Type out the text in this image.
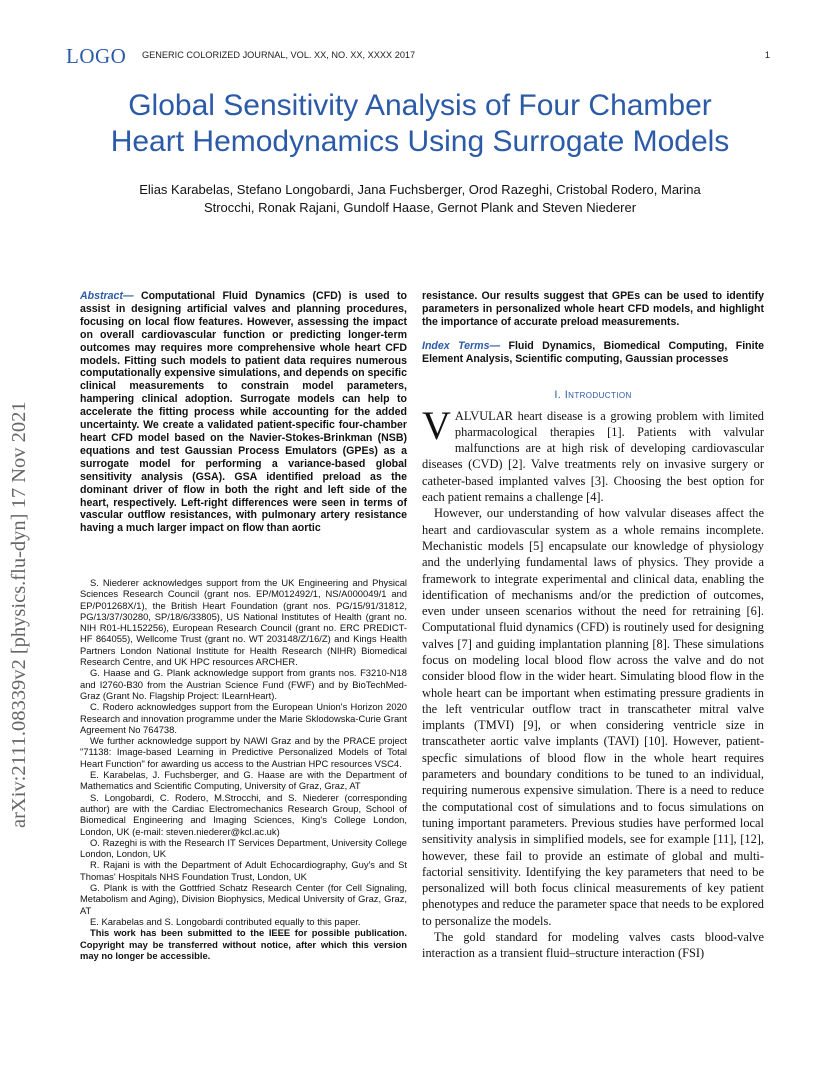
LOGO GENERIC COLORIZED JOURNAL, VOL. XX, NO. XX, XXXX 2017	1
Global Sensitivity Analysis of Four Chamber
Heart Hemodynamics Using Surrogate Models
Elias Karabelas, Stefano Longobardi, Jana Fuchsberger, Orod Razeghi, Cristobal Rodero, Marina
Strocchi, Ronak Rajani, Gundolf Haase, Gernot Plank and Steven Niederer
arXiv:2111.08339v2 [physics.flu-dyn] 17 Nov 2021

Abstract— Computational Fluid Dynamics (CFD) is used to assist in designing artificial valves and planning procedures, focusing on local flow features. However, assessing the impact on overall cardiovascular function or predicting longer-term outcomes may requires more comprehensive whole heart CFD models. Fitting such models to patient data requires numerous computationally expensive simulations, and depends on specific clinical measurements to constrain model parameters, hampering clinical adoption. Surrogate models can help to accelerate the fitting process while accounting for the added uncertainty. We create a validated patient-specific four-chamber heart CFD model based on the Navier-Stokes-Brinkman (NSB) equations and test Gaussian Process Emulators (GPEs) as a surrogate model for performing a variance-based global sensitivity analysis (GSA). GSA identified preload as the dominant driver of flow in both the right and left side of the heart, respectively. Left-right differences were seen in terms of vascular outflow resistances, with pulmonary artery resistance having a much larger impact on flow than aortic

S. Niederer acknowledges support from the UK Engineering and Physical Sciences Research Council (grant nos. EP/M012492/1, NS/A000049/1 and EP/P01268X/1), the British Heart Foundation (grant nos. PG/15/91/31812, PG/13/37/30280, SP/18/6/33805), US National Institutes of Health (grant no. NIH R01-HL152256), European Research Council (grant no. ERC PREDICT-HF 864055), Wellcome Trust (grant no. WT 203148/Z/16/Z) and Kings Health Partners London National Institute for Health Research (NIHR) Biomedical Research Centre, and UK HPC resources ARCHER.

G. Haase and G. Plank acknowledge support from grants nos. F3210-N18 and I2760-B30 from the Austrian Science Fund (FWF) and by BioTechMed-Graz (Grant No. Flagship Project: ILearnHeart).

C. Rodero acknowledges support from the European Union's Horizon 2020 Research and innovation programme under the Marie Sklodowska-Curie Grant Agreement No 764738.

We further acknowledge support by NAWI Graz and by the PRACE project "71138: Image-based Learning in Predictive Personalized Models of Total Heart Function" for awarding us access to the Austrian HPC resources VSC4.

E. Karabelas, J. Fuchsberger, and G. Haase are with the Department of Mathematics and Scientific Computing, University of Graz, Graz, AT

S. Longobardi, C. Rodero, M.Strocchi, and S. Niederer (corresponding author) are with the Cardiac Electromechanics Research Group, School of Biomedical Engineering and Imaging Sciences, King's College London, London, UK (e-mail: steven.niederer@kcl.ac.uk)

O. Razeghi is with the Research IT Services Department, University College London, London, UK

R. Rajani is with the Department of Adult Echocardiography, Guy's and St Thomas' Hospitals NHS Foundation Trust, London, UK

G. Plank is with the Gottfried Schatz Research Center (for Cell Signaling, Metabolism and Aging), Division Biophysics, Medical University of Graz, Graz, AT

E. Karabelas and S. Longobardi contributed equally to this paper.

This work has been submitted to the IEEE for possible publication. Copyright may be transferred without notice, after which this version may no longer be accessible.

resistance. Our results suggest that GPEs can be used to identify parameters in personalized whole heart CFD models, and highlight the importance of accurate preload measurements.

Index Terms— Fluid Dynamics, Biomedical Computing, Finite Element Analysis, Scientific computing, Gaussian processes

I. Introduction

VALVULAR heart disease is a growing problem with limited pharmacological therapies [1]. Patients with valvular malfunctions are at high risk of developing cardiovascular diseases (CVD) [2]. Valve treatments rely on invasive surgery or catheter-based implanted valves [3]. Choosing the best option for each patient remains a challenge [4].

However, our understanding of how valvular diseases affect the heart and cardiovascular system as a whole remains incomplete. Mechanistic models [5] encapsulate our knowledge of physiology and the underlying fundamental laws of physics. They provide a framework to integrate experimental and clinical data, enabling the identification of mechanisms and/or the prediction of outcomes, even under unseen scenarios without the need for retraining [6]. Computational fluid dynamics (CFD) is routinely used for designing valves [7] and guiding implantation planning [8]. These simulations focus on modeling local blood flow across the valve and do not consider blood flow in the wider heart. Simulating blood flow in the whole heart can be important when estimating pressure gradients in the left ventricular outflow tract in transcatheter mitral valve implants (TMVI) [9], or when considering ventricle size in transcatheter aortic valve implants (TAVI) [10]. However, patient-specfic simulations of blood flow in the whole heart requires parameters and boundary conditions to be tuned to an individual, requiring numerous expensive simulation. There is a need to reduce the computational cost of simulations and to focus simulations on tuning important parameters. Previous studies have performed local sensitivity analysis in simplified models, see for example [11], [12], however, these fail to provide an estimate of global and multi-factorial sensitivity. Identifying the key parameters that need to be personalized will both focus clinical measurements of key patient phenotypes and reduce the parameter space that needs to be explored to personalize the models.

The gold standard for modeling valves casts blood-valve interaction as a transient fluid–structure interaction (FSI)
